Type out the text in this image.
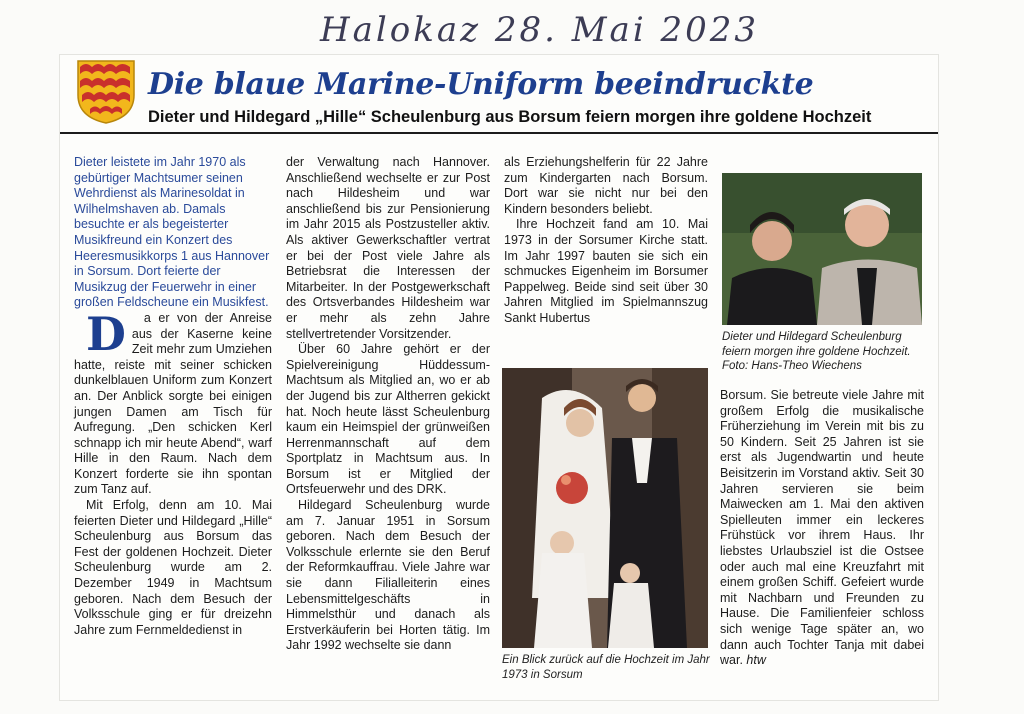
Halokaz 28. Mai 2023
Die blaue Marine-Uniform beeindruckte
Dieter und Hildegard „Hille“ Scheulenburg aus Borsum feiern morgen ihre goldene Hochzeit

Dieter leistete im Jahr 1970 als gebürtiger Machtsumer seinen Wehrdienst als Marinesoldat in Wilhelmshaven ab. Damals besuchte er als begeisterter Musikfreund ein Konzert des Heeresmusikkorps 1 aus Hannover in Sorsum. Dort feierte der Musikzug der Feuerwehr in einer großen Feldscheune ein Musikfest.

D a er von der Anreise aus der Kaserne keine Zeit mehr zum Umziehen hatte, reiste mit seiner schicken dunkelblauen Uniform zum Konzert an. Der Anblick sorgte bei einigen jungen Damen am Tisch für Aufregung. „Den schicken Kerl schnapp ich mir heute Abend“, warf Hille in den Raum. Nach dem Konzert forderte sie ihn spontan zum Tanz auf.

Mit Erfolg, denn am 10. Mai feierten Dieter und Hildegard „Hille“ Scheulenburg aus Borsum das Fest der goldenen Hochzeit. Dieter Scheulenburg wurde am 2. Dezember 1949 in Machtsum geboren. Nach dem Besuch der Volksschule ging er für dreizehn Jahre zum Fernmeldedienst in

der Verwaltung nach Hannover. Anschließend wechselte er zur Post nach Hildesheim und war anschließend bis zur Pensionierung im Jahr 2015 als Postzusteller aktiv. Als aktiver Gewerkschaftler vertrat er bei der Post viele Jahre als Betriebsrat die Interessen der Mitarbeiter. In der Postgewerkschaft des Ortsverbandes Hildesheim war er mehr als zehn Jahre stellvertretender Vorsitzender.

Über 60 Jahre gehört er der Spielvereinigung Hüddessum-Machtsum als Mitglied an, wo er ab der Jugend bis zur Altherren gekickt hat. Noch heute lässt Scheulenburg kaum ein Heimspiel der grünweißen Herrenmannschaft auf dem Sportplatz in Machtsum aus. In Borsum ist er Mitglied der Ortsfeuerwehr und des DRK.

Hildegard Scheulenburg wurde am 7. Januar 1951 in Sorsum geboren. Nach dem Besuch der Volksschule erlernte sie den Beruf der Reformkauffrau. Viele Jahre war sie dann Filialleiterin eines Lebensmittelgeschäfts in Himmelsthür und danach als Erstverkäuferin bei Horten tätig. Im Jahr 1992 wechselte sie dann

als Erziehungshelferin für 22 Jahre zum Kindergarten nach Borsum. Dort war sie nicht nur bei den Kindern besonders beliebt.

Ihre Hochzeit fand am 10. Mai 1973 in der Sorsumer Kirche statt. Im Jahr 1997 bauten sie sich ein schmuckes Eigenheim im Borsumer Pappelweg. Beide sind seit über 30 Jahren Mitglied im Spielmannszug Sankt Hubertus

Ein Blick zurück auf die Hochzeit im Jahr 1973 in Sorsum
Dieter und Hildegard Scheulenburg feiern morgen ihre goldene Hochzeit. Foto: Hans-Theo Wiechens

Borsum. Sie betreute viele Jahre mit großem Erfolg die musikalische Früherziehung im Verein mit bis zu 50 Kindern. Seit 25 Jahren ist sie erst als Jugendwartin und heute Beisitzerin im Vorstand aktiv. Seit 30 Jahren servieren sie beim Maiwecken am 1. Mai den aktiven Spielleuten immer ein leckeres Frühstück vor ihrem Haus. Ihr liebstes Urlaubsziel ist die Ostsee oder auch mal eine Kreuzfahrt mit einem großen Schiff. Gefeiert wurde mit Nachbarn und Freunden zu Hause. Die Familienfeier schloss sich wenige Tage später an, wo dann auch Tochter Tanja mit dabei war. htw
